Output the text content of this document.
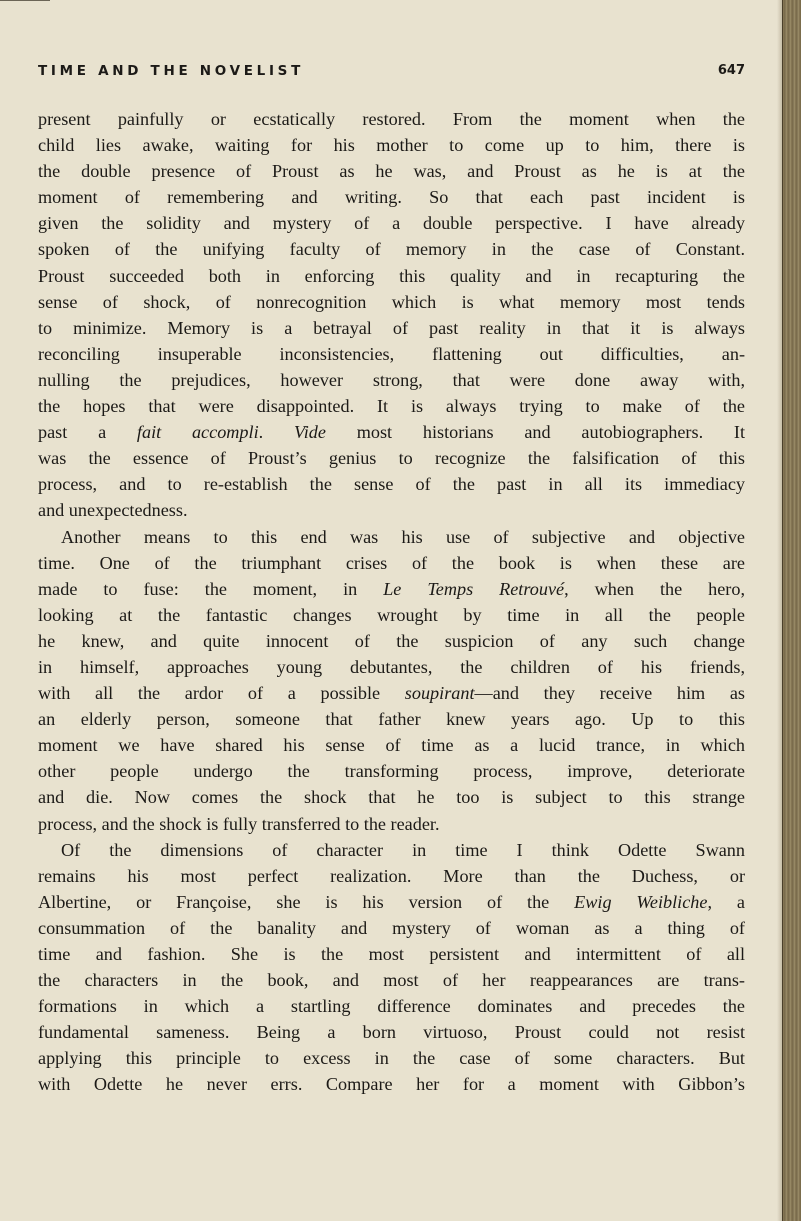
TIME AND THE NOVELIST	647
present painfully or ecstatically restored. From the moment when the
child lies awake, waiting for his mother to come up to him, there is
the double presence of Proust as he was, and Proust as he is at the
moment of remembering and writing. So that each past incident is
given the solidity and mystery of a double perspective. I have already
spoken of the unifying faculty of memory in the case of Constant.
Proust succeeded both in enforcing this quality and in recapturing the
sense of shock, of nonrecognition which is what memory most tends
to minimize. Memory is a betrayal of past reality in that it is always
reconciling insuperable inconsistencies, flattening out difficulties, an-
nulling the prejudices, however strong, that were done away with,
the hopes that were disappointed. It is always trying to make of the
past a fait accompli. Vide most historians and autobiographers. It
was the essence of Proust’s genius to recognize the falsification of this
process, and to re-establish the sense of the past in all its immediacy
and unexpectedness.
Another means to this end was his use of subjective and objective
time. One of the triumphant crises of the book is when these are
made to fuse: the moment, in Le Temps Retrouvé, when the hero,
looking at the fantastic changes wrought by time in all the people
he knew, and quite innocent of the suspicion of any such change
in himself, approaches young debutantes, the children of his friends,
with all the ardor of a possible soupirant—and they receive him as
an elderly person, someone that father knew years ago. Up to this
moment we have shared his sense of time as a lucid trance, in which
other people undergo the transforming process, improve, deteriorate
and die. Now comes the shock that he too is subject to this strange
process, and the shock is fully transferred to the reader.
Of the dimensions of character in time I think Odette Swann
remains his most perfect realization. More than the Duchess, or
Albertine, or Françoise, she is his version of the Ewig Weibliche, a
consummation of the banality and mystery of woman as a thing of
time and fashion. She is the most persistent and intermittent of all
the characters in the book, and most of her reappearances are trans-
formations in which a startling difference dominates and precedes the
fundamental sameness. Being a born virtuoso, Proust could not resist
applying this principle to excess in the case of some characters. But
with Odette he never errs. Compare her for a moment with Gibbon’s
